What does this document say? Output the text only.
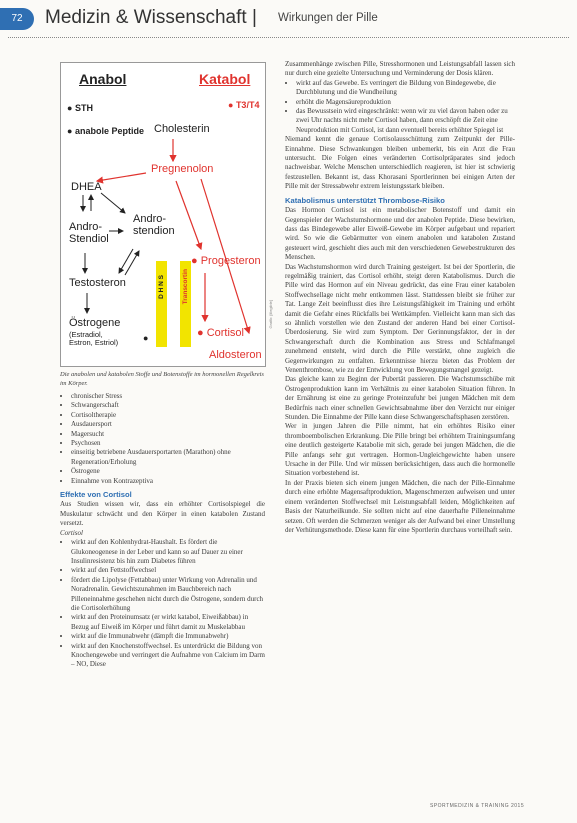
72	Medizin & Wissenschaft | Wirkungen der Pille
Anabol	Katabol
● STH	● T3/T4
● anabole Peptide Cholesterin
Pregnenolon
DHEA
Andro-
stendion
Andro-
Stendiol
Testosteron
● Progesteron
Östrogene
(Estradiol,
Estron, Estriol)
● Cortisol
Aldosteron
D H N S	Transcortin
●
Grafik: [illegible]
Die anabolen und katabolen Stoffe und Botenstoffe im hormonellen Regelkreis im Körper.
• chronischer Stress
• Schwangerschaft
• Cortisoltherapie
• Ausdauersport
• Magersucht
• Psychosen
• einseitig betriebene Ausdauersportarten (Marathon) ohne Regeneration/Erholung
• Östrogene
• Einnahme von Kontrazeptiva
Effekte von Cortisol

Aus Studien wissen wir, dass ein erhöhter Cortisolspiegel die Muskulatur schwächt und den Körper in einen katabolen Zustand versetzt.

Cortisol

• wirkt auf den Kohlenhydrat-Haushalt. Es fördert die Glukoneogenese in der Leber und kann so auf Dauer zu einer Insulinresistenz bis hin zum Diabetes führen
• wirkt auf den Fettstoffwechsel
• fördert die Lipolyse (Fettabbau) unter Wirkung von Adrenalin und Noradrenalin. Gewichtszunahmen im Bauchbereich nach Pilleneinnahme geschehen nicht durch die Östrogene, sondern durch die Cortisolerhöhung
• wirkt auf den Proteinumsatz (er wirkt katabol, Eiweißabbau) in Bezug auf Eiweiß im Körper und führt damit zu Muskelabbau
• wirkt auf die Immunabwehr (dämpft die Immunabwehr)
• wirkt auf den Knochenstoffwechsel. Es unterdrückt die Bildung von Knochengewebe und verringert die Aufnahme von Calcium im Darm – NO, Diese

Zusammenhänge zwischen Pille, Stresshormonen und Leistungsabfall lassen sich nur durch eine gezielte Untersuchung und Verminderung der Dosis klären.

• wirkt auf das Gewebe. Es verringert die Bildung von Bindegewebe, die Durchblutung und die Wundheilung
• erhöht die Magensäureproduktion
• das Bewusstsein wird eingeschränkt: wenn wir zu viel davon haben oder zu zwei Uhr nachts nicht mehr Cortisol haben, dann erschöpft die Zeit eine Neuproduktion mit Cortisol, ist dann eventuell bereits erhöhter Spiegel ist

Niemand kennt die genaue Cortisolausschüttung zum Zeitpunkt der Pille-Einnahme. Diese Schwankungen bleiben unbemerkt, bis ein Arzt die Frau untersucht. Die Folgen eines veränderten Cortisolpräparates sind jedoch nachweisbar. Welche Menschen unterschiedlich reagieren, ist hier ist schwierig festzustellen. Bekannt ist, dass Khorasani Sportlerinnen bei einigen Arten der Pille mit der Stressabwehr extrem leistungsstark bleiben.

Katabolismus unterstützt Thrombose-Risiko

Das Hormon Cortisol ist ein metabolischer Botenstoff und damit ein Gegenspieler der Wachstumshormone und der anabolen Peptide. Diese bewirken, dass das Bindegewebe aller Eiweiß-Gewebe im Körper aufgebaut und repariert wird. So wie die Gebärmutter von einem anabolen und katabolen Zustand gesteuert wird, geschieht dies auch mit den verschiedenen Gewebestrukturen des Menschen.

Das Wachstumshormon wird durch Training gesteigert. Ist bei der Sportlerin, die regelmäßig trainiert, das Cortisol erhöht, steigt deren Katabolismus. Durch die Pille wird das Hormon auf ein Niveau gedrückt, das eine Frau einer katabolen Stoffwechsellage nicht mehr entkommen lässt. Stattdessen bleibt sie früher zur Tat. Lange Zeit beeinflusst dies ihre Leistungsfähigkeit im Training und erhöht damit die Gefahr eines Rückfalls bei Wettkämpfen. Vielleicht kann man sich das so ähnlich vorstellen wie den Zustand der anderen Hand bei einer Cortisol-Überdosierung. Sie wird zum Symptom. Der Gerinnungsfaktor, der in der Schwangerschaft durch die Kombination aus Stress und Schlafmangel zunehmend entsteht, wird durch die Pille verstärkt, ohne zugleich die Gegenwirkungen zu entfalten. Erkenntnisse hierzu bieten das Problem der Venenthrombose, wie zu der Entwicklung von Bewegungsmangel gezeigt.

Das gleiche kann zu Beginn der Pubertät passieren. Die Wachstumsschübe mit Östrogenproduktion kann im Verhältnis zu einer katabolen Situation führen. In der Ernährung ist eine zu geringe Proteinzufuhr bei jungen Mädchen mit dem Bedürfnis nach einer schnellen Gewichtsabnahme über den Verzicht nur einiger Stunden. Die Einnahme der Pille kann diese Schwangerschaftsphasen zerstören.

Wer in jungen Jahren die Pille nimmt, hat ein erhöhtes Risiko einer thromboembolischen Erkrankung. Die Pille bringt bei erhöhtem Trainingsumfang eine deutlich gesteigerte Katabolie mit sich, gerade bei jungen Mädchen, die die Pille anfangs sehr gut vertragen. Hormon-Ungleichgewichte haben unsere Ursache in der Pille. Und wir müssen berücksichtigen, dass auch die hormonelle Situation vorbestehend ist.

In der Praxis bieten sich einem jungen Mädchen, die nach der Pille-Einnahme durch eine erhöhte Magensaftproduktion, Magenschmerzen aufweisen und unter einem veränderten Stoffwechsel mit Leistungsabfall leiden, Möglichkeiten auf Basis der Naturheilkunde. Sie sollten nicht auf eine dauerhafte Pilleneinnahme setzen. Oft werden die Schmerzen weniger als der Aufwand bei einer Umstellung der Verhütungsmethode. Diese kann für eine Sportlerin durchaus vorteilhaft sein.

SPORTMEDIZIN & TRAINING 2015
